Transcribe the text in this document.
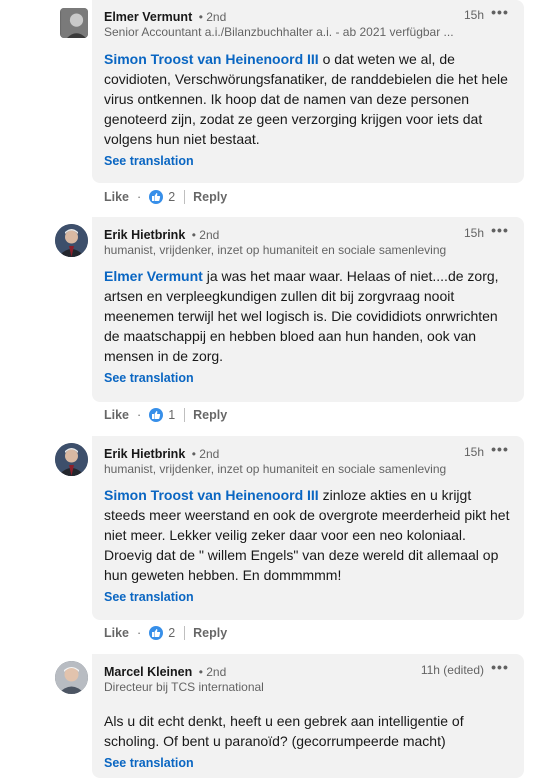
Elmer Vermunt • 2nd	15h •••
Senior Accountant a.i./Bilanzbuchhalter a.i. - ab 2021 verfügbar ...
Simon Troost van Heinenoord III o dat weten we al, de covidioten, Verschwörungsfanatiker, de randdebielen die het hele virus ontkennen. Ik hoop dat de namen van deze personen genoteerd zijn, zodat ze geen verzorging krijgen voor iets dat volgens hun niet bestaat.
See translation
Like · 2 Reply
Erik Hietbrink • 2nd	15h •••
humanist, vrijdenker, inzet op humaniteit en sociale samenleving
Elmer Vermunt ja was het maar waar. Helaas of niet....de zorg, artsen en verpleegkundigen zullen dit bij zorgvraag nooit meenemen terwijl het wel logisch is. Die covididiots onrwrichten de maatschappij en hebben bloed aan hun handen, ook van mensen in de zorg.
See translation
Like · 1 Reply
Erik Hietbrink • 2nd	15h •••
humanist, vrijdenker, inzet op humaniteit en sociale samenleving
Simon Troost van Heinenoord III zinloze akties en u krijgt steeds meer weerstand en ook de overgrote meerderheid pikt het niet meer. Lekker veilig zeker daar voor een neo koloniaal. Droevig dat de " willem Engels" van deze wereld dit allemaal op hun geweten hebben. En dommmmm!
See translation
Like · 2 Reply
Marcel Kleinen • 2nd	11h (edited) •••
Directeur bij TCS international
Als u dit echt denkt, heeft u een gebrek aan intelligentie of scholing. Of bent u paranoïd? (gecorrumpeerde macht)
See translation
